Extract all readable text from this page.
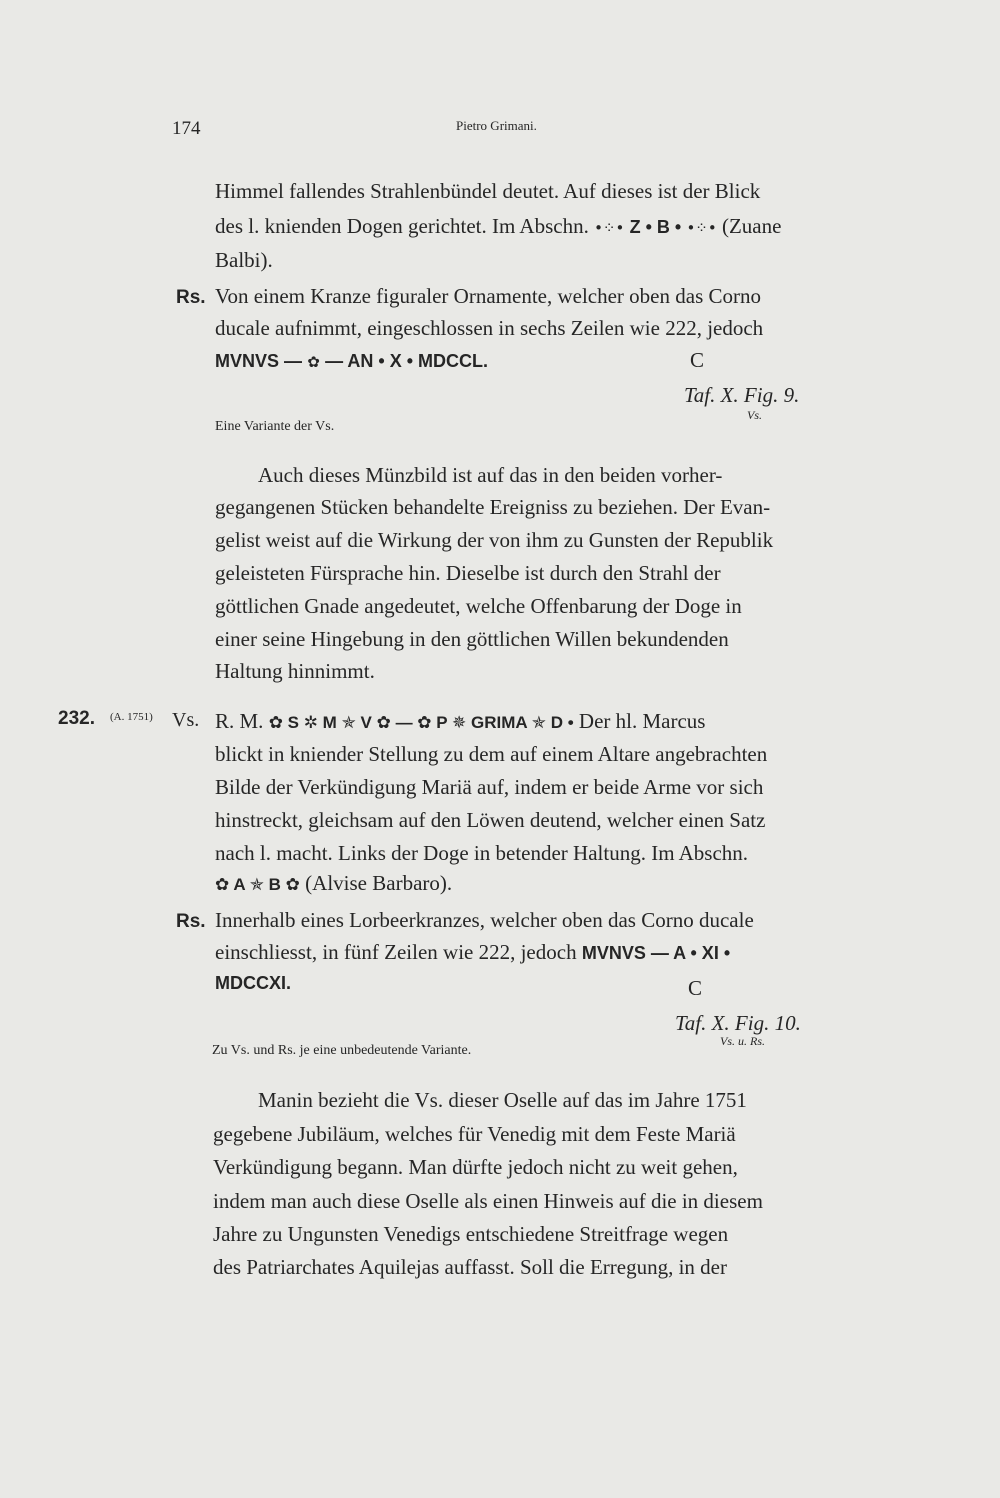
174	Pietro Grimani.
Himmel fallendes Strahlenbündel deutet. Auf dieses ist der Blick
des l. knienden Dogen gerichtet. Im Abschn. •⁘• Z • B • •⁘• (Zuane
Balbi).
Rs. Von einem Kranze figuraler Ornamente, welcher oben das Corno
ducale aufnimmt, eingeschlossen in sechs Zeilen wie 222, jedoch
MVNVS — ✿ — AN • X • MDCCL.	C
Taf. X. Fig. 9.
Vs.
Eine Variante der Vs.
Auch dieses Münzbild ist auf das in den beiden vorher-
gegangenen Stücken behandelte Ereigniss zu beziehen. Der Evan-
gelist weist auf die Wirkung der von ihm zu Gunsten der Republik
geleisteten Fürsprache hin. Dieselbe ist durch den Strahl der
göttlichen Gnade angedeutet, welche Offenbarung der Doge in
einer seine Hingebung in den göttlichen Willen bekundenden
Haltung hinnimmt.
232. (A. 1751) Vs. R. M. ✿ S ✲ M ✯ V ✿ — ✿ P ✵ GRIMA ✯ D • Der hl. Marcus
blickt in kniender Stellung zu dem auf einem Altare angebrachten
Bilde der Verkündigung Mariä auf, indem er beide Arme vor sich
hinstreckt, gleichsam auf den Löwen deutend, welcher einen Satz
nach l. macht. Links der Doge in betender Haltung. Im Abschn.
✿ A ✯ B ✿ (Alvise Barbaro).
Rs. Innerhalb eines Lorbeerkranzes, welcher oben das Corno ducale
einschliesst, in fünf Zeilen wie 222, jedoch MVNVS — A • XI •
MDCCXI.	C
Taf. X. Fig. 10.
Vs. u. Rs.
Zu Vs. und Rs. je eine unbedeutende Variante.
Manin bezieht die Vs. dieser Oselle auf das im Jahre 1751
gegebene Jubiläum, welches für Venedig mit dem Feste Mariä
Verkündigung begann. Man dürfte jedoch nicht zu weit gehen,
indem man auch diese Oselle als einen Hinweis auf die in diesem
Jahre zu Ungunsten Venedigs entschiedene Streitfrage wegen
des Patriarchates Aquilejas auffasst. Soll die Erregung, in der
